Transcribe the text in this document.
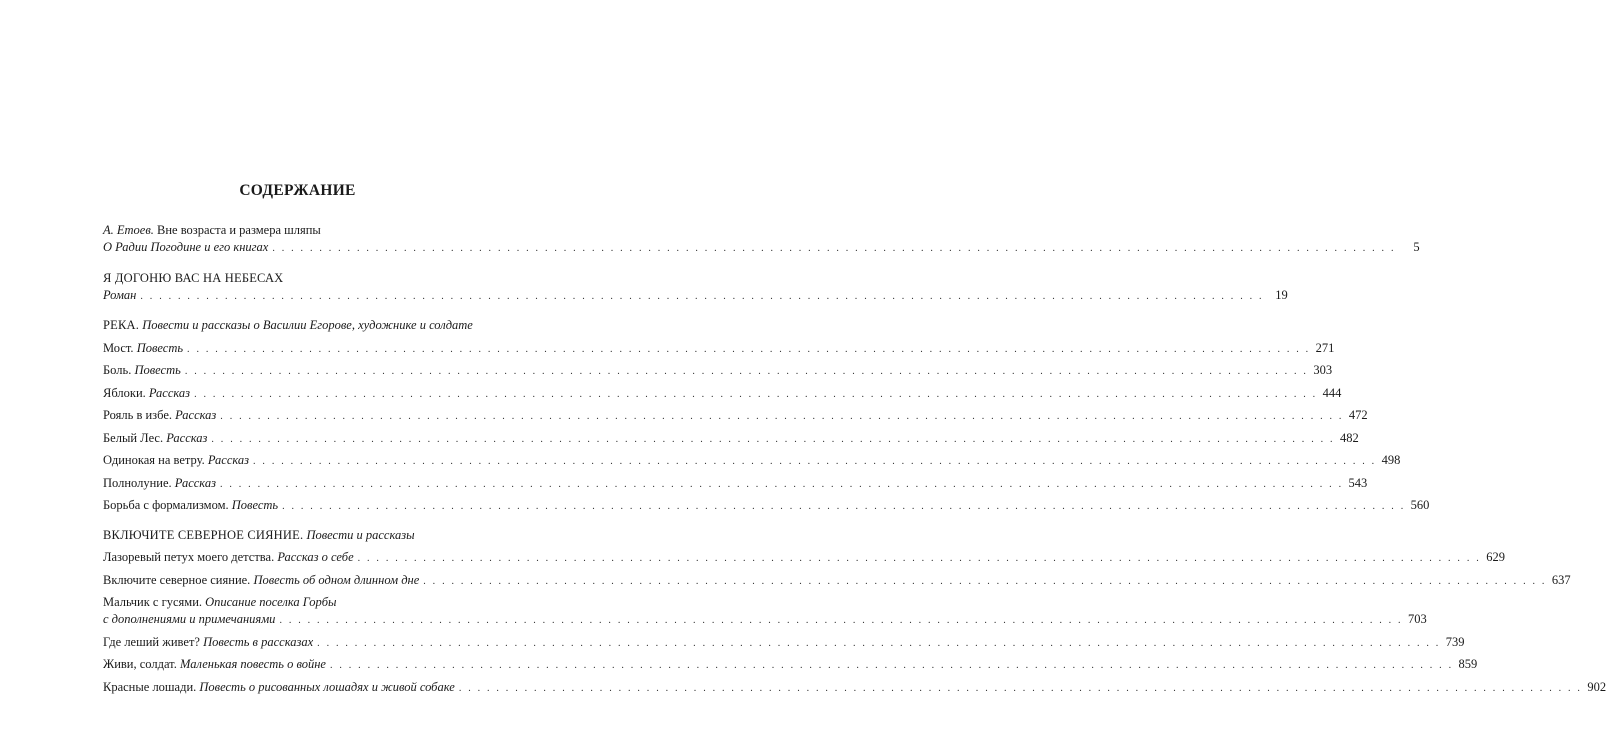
СОДЕРЖАНИЕ
А. Етоев. Вне возраста и размера шляпы
О Радии Погодине и его книгах . . . . . . . . . . . . . . . . . . . . . . . . . . . . . . . . . . . . . . . . . . . . . . . . . . . . . . . . . . . . . . . . . . . . . . . . . . . . . . . . . . . . . . . . . . . . . . . . . . . . . . . . . . . . . . . . . . . . . . . .	5
Я ДОГОНЮ ВАС НА НЕБЕСАХ
Роман . . . . . . . . . . . . . . . . . . . . . . . . . . . . . . . . . . . . . . . . . . . . . . . . . . . . . . . . . . . . . . . . . . . . . . . . . . . . . . . . . . . . . . . . . . . . . . . . . . . . . . . . . . . . . . . . . . . . . . . . 19
РЕКА. Повести и рассказы о Василии Егорове, художнике и солдате
Мост. Повесть . . . . . . . . . . . . . . . . . . . . . . . . . . . . . . . . . . . . . . . . . . . . . . . . . . . . . . . . . . . . . . . . . . . . . . . . . . . . . . . . . . . . . . . . . . . . . . . . . . . . . . . . . . . . . . . . . . . . . . . . 271
Боль. Повесть . . . . . . . . . . . . . . . . . . . . . . . . . . . . . . . . . . . . . . . . . . . . . . . . . . . . . . . . . . . . . . . . . . . . . . . . . . . . . . . . . . . . . . . . . . . . . . . . . . . . . . . . . . . . . . . . . . . . . . . . 303
Яблоки. Рассказ . . . . . . . . . . . . . . . . . . . . . . . . . . . . . . . . . . . . . . . . . . . . . . . . . . . . . . . . . . . . . . . . . . . . . . . . . . . . . . . . . . . . . . . . . . . . . . . . . . . . . . . . . . . . . . . . . . . . . . . . 444
Рояль в избе. Рассказ . . . . . . . . . . . . . . . . . . . . . . . . . . . . . . . . . . . . . . . . . . . . . . . . . . . . . . . . . . . . . . . . . . . . . . . . . . . . . . . . . . . . . . . . . . . . . . . . . . . . . . . . . . . . . . . . . . . . . . . . 472
Белый Лес. Рассказ . . . . . . . . . . . . . . . . . . . . . . . . . . . . . . . . . . . . . . . . . . . . . . . . . . . . . . . . . . . . . . . . . . . . . . . . . . . . . . . . . . . . . . . . . . . . . . . . . . . . . . . . . . . . . . . . . . . . . . . . 482
Одинокая на ветру. Рассказ . . . . . . . . . . . . . . . . . . . . . . . . . . . . . . . . . . . . . . . . . . . . . . . . . . . . . . . . . . . . . . . . . . . . . . . . . . . . . . . . . . . . . . . . . . . . . . . . . . . . . . . . . . . . . . . . . . . . . . . . 498
Полнолуние. Рассказ . . . . . . . . . . . . . . . . . . . . . . . . . . . . . . . . . . . . . . . . . . . . . . . . . . . . . . . . . . . . . . . . . . . . . . . . . . . . . . . . . . . . . . . . . . . . . . . . . . . . . . . . . . . . . . . . . . . . . . . . 543
Борьба с формализмом. Повесть . . . . . . . . . . . . . . . . . . . . . . . . . . . . . . . . . . . . . . . . . . . . . . . . . . . . . . . . . . . . . . . . . . . . . . . . . . . . . . . . . . . . . . . . . . . . . . . . . . . . . . . . . . . . . . . . . . . . . . . . 560
ВКЛЮЧИТЕ СЕВЕРНОЕ СИЯНИЕ. Повести и рассказы
Лазоревый петух моего детства. Рассказ о себе . . . . . . . . . . . . . . . . . . . . . . . . . . . . . . . . . . . . . . . . . . . . . . . . . . . . . . . . . . . . . . . . . . . . . . . . . . . . . . . . . . . . . . . . . . . . . . . . . . . . . . . . . . . . . . . . . . . . . . . . 629
Включите северное сияние. Повесть об одном длинном дне . . . . . . . . . . . . . . . . . . . . . . . . . . . . . . . . . . . . . . . . . . . . . . . . . . . . . . . . . . . . . . . . . . . . . . . . . . . . . . . . . . . . . . . . . . . . . . . . . . . . . . . . . . . . . . . . . . . . . . . . 637
Мальчик с гусями. Описание поселка Горбы
с дополнениями и примечаниями . . . . . . . . . . . . . . . . . . . . . . . . . . . . . . . . . . . . . . . . . . . . . . . . . . . . . . . . . . . . . . . . . . . . . . . . . . . . . . . . . . . . . . . . . . . . . . . . . . . . . . . . . . . . . . . . . . . . . . . . 703
Где леший живет? Повесть в рассказах . . . . . . . . . . . . . . . . . . . . . . . . . . . . . . . . . . . . . . . . . . . . . . . . . . . . . . . . . . . . . . . . . . . . . . . . . . . . . . . . . . . . . . . . . . . . . . . . . . . . . . . . . . . . . . . . . . . . . . . . 739
Живи, солдат. Маленькая повесть о войне . . . . . . . . . . . . . . . . . . . . . . . . . . . . . . . . . . . . . . . . . . . . . . . . . . . . . . . . . . . . . . . . . . . . . . . . . . . . . . . . . . . . . . . . . . . . . . . . . . . . . . . . . . . . . . . . . . . . . . . . 859
Красные лошади. Повесть о рисованных лошадях и живой собаке . . . . . . . . . . . . . . . . . . . . . . . . . . . . . . . . . . . . . . . . . . . . . . . . . . . . . . . . . . . . . . . . . . . . . . . . . . . . . . . . . . . . . . . . . . . . . . . . . . . . . . . . . . . . . . . . . . . . . . . . 902
